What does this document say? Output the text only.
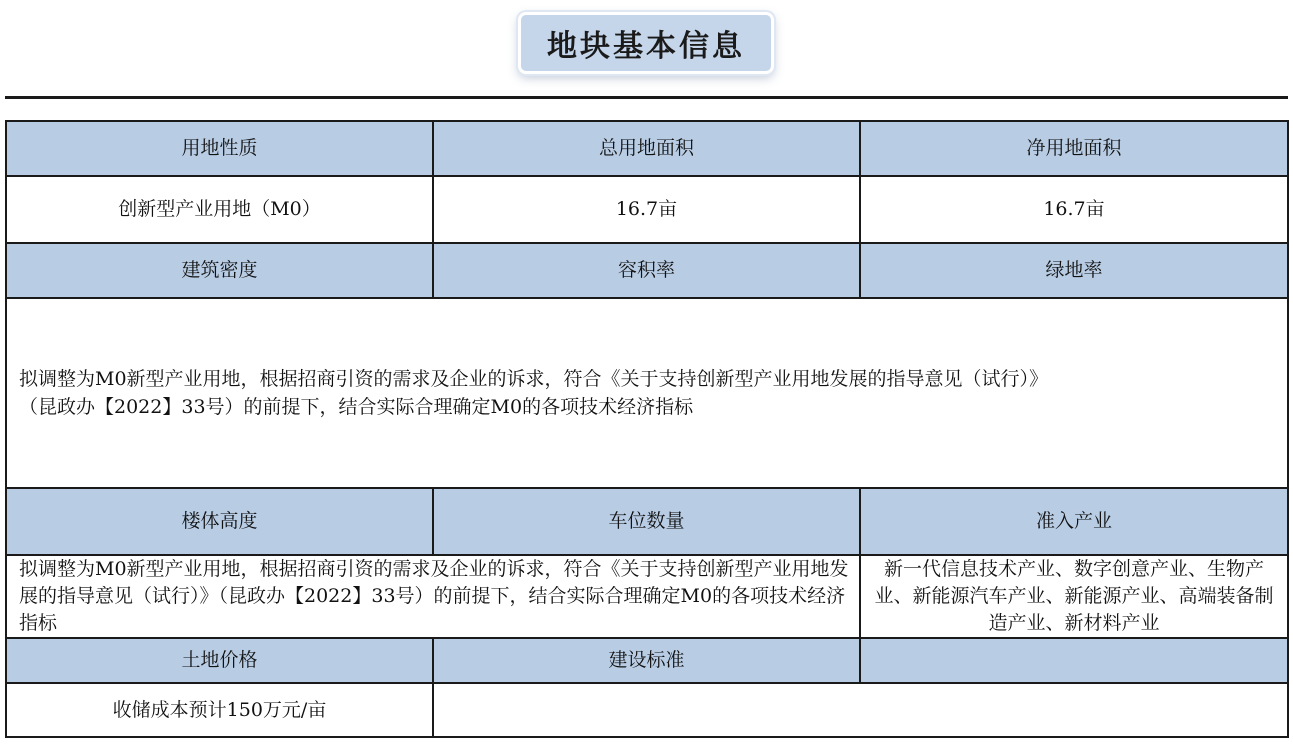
地块基本信息
用地性质	总用地面积	净用地面积
创新型产业用地（M0）	16.7亩	16.7亩
建筑密度	容积率	绿地率

拟调整为M0新型产业用地，根据招商引资的需求及企业的诉求，符合《关于支持创新型产业用地发展的指导意见（试行）》
（昆政办【2022】33号）的前提下，结合实际合理确定M0的各项技术经济指标		

楼体高度	车位数量	准入产业
拟调整为M0新型产业用地，根据招商引资的需求及企业的诉求，符合《关于支持创新型产业用地发展的指导意见（试行）》（昆政办【2022】33号）的前提下，结合实际合理确定M0的各项技术经济指标		新一代信息技术产业、数字创意产业、生物产业、新能源汽车产业、新能源产业、高端装备制造产业、新材料产业
土地价格	建设标准	
收储成本预计150万元/亩		
